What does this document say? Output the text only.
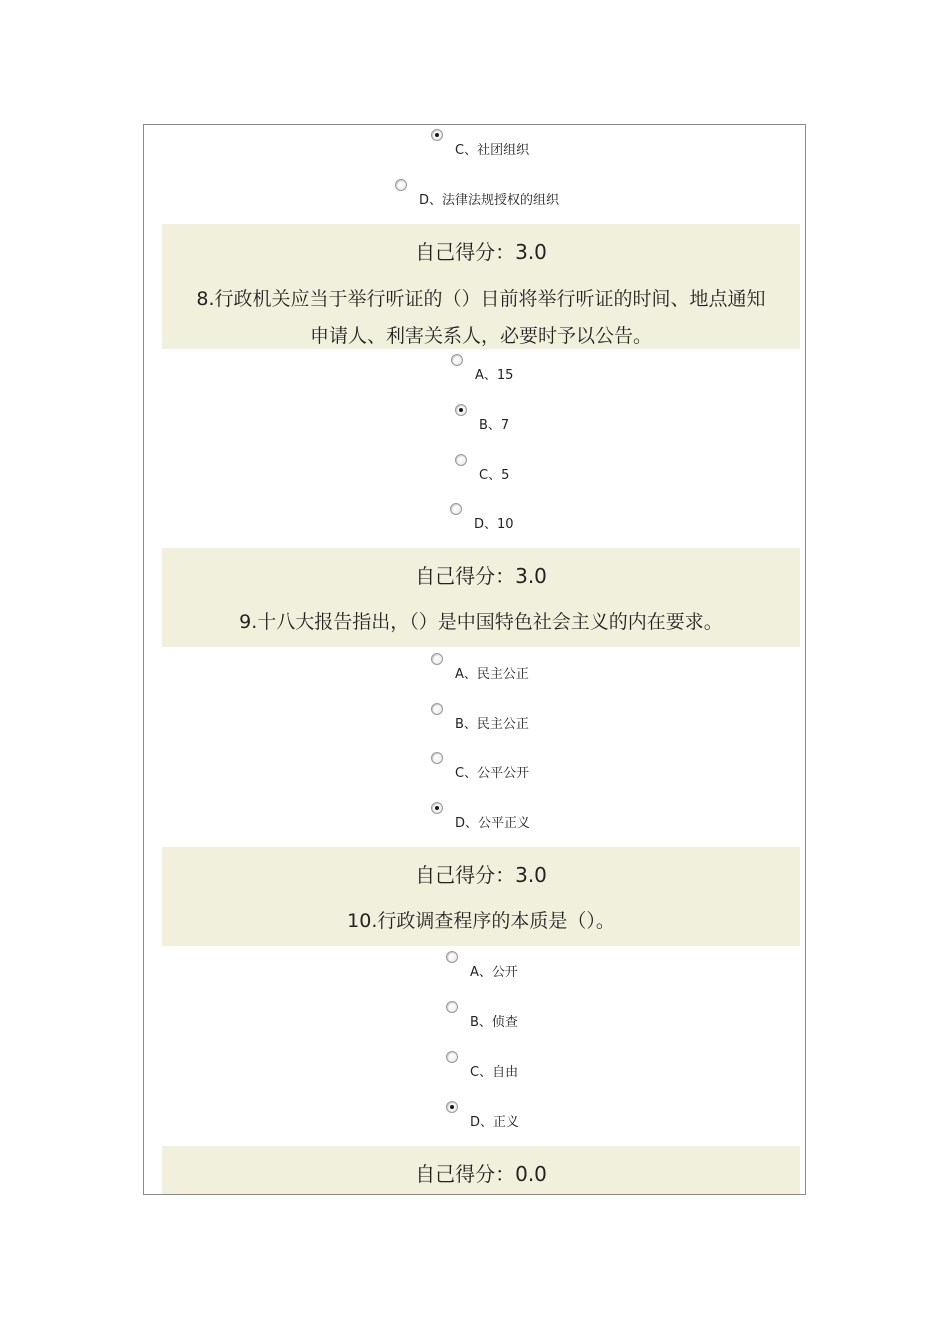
C、社团组织
D、法律法规授权的组织
自己得分：3.0
8.行政机关应当于举行听证的（）日前将举行听证的时间、地点通知
申请人、利害关系人，必要时予以公告。
A、15
B、7
C、5
D、10
自己得分：3.0
9.十八大报告指出，（）是中国特色社会主义的内在要求。
A、民主公正
B、民主公正
C、公平公开
D、公平正义
自己得分：3.0
10.行政调查程序的本质是（）。
A、公开
B、侦查
C、自由
D、正义
自己得分：0.0
